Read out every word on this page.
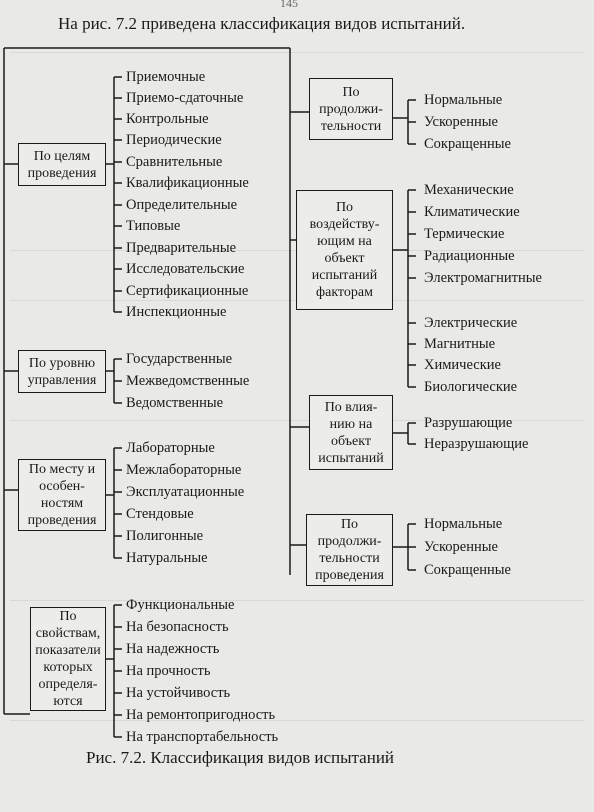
145
На рис. 7.2 приведена классификация видов испытаний.
По целям
проведения
По уровню
управления
По месту и
особен-
ностям
проведения
По
свойствам,
показатели
которых
определя-
ются
По
продолжи-
тельности
По
воздейству-
ющим на
объект
испытаний
факторам
По влия-
нию на
объект
испытаний
По
продолжи-
тельности
проведения
Приемочные
Приемо-сдаточные
Контрольные
Периодические
Сравнительные
Квалификационные
Определительные
Типовые
Предварительные
Исследовательские
Сертификационные
Инспекционные
Государственные
Межведомственные
Ведомственные
Лабораторные
Межлабораторные
Эксплуатационные
Стендовые
Полигонные
Натуральные
Функциональные
На безопасность
На надежность
На прочность
На устойчивость
На ремонтопригодность
На транспортабельность
Нормальные
Ускоренные
Сокращенные
Механические
Климатические
Термические
Радиационные
Электромагнитные
Электрические
Магнитные
Химические
Биологические
Разрушающие
Неразрушающие
Нормальные
Ускоренные
Сокращенные
Рис. 7.2. Классификация видов испытаний
